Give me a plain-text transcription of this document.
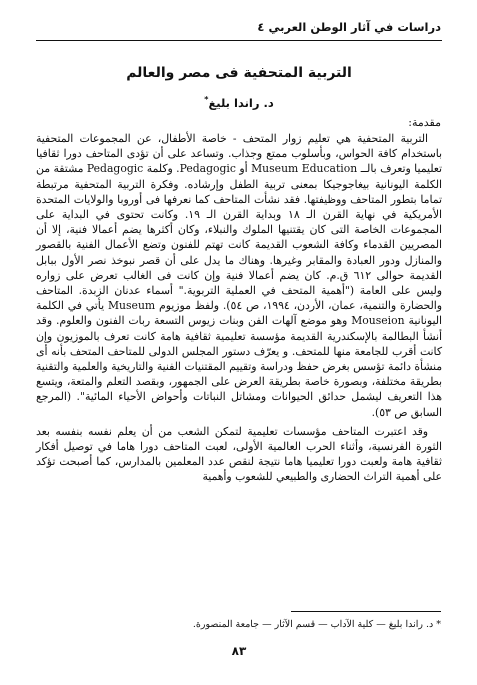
دراسات في آثار الوطن العربي ٤
التربية المتحفية فى مصر والعالم

د. راندا بليغ*

مقدمة:

التربية المتحفية هي تعليم زوار المتحف - خاصة الأطفال، عن المجموعات المتحفية باستخدام كافة الحواس، وبأسلوب ممتع وجذاب. وتساعد على أن تؤدى المتاحف دورا ثقافيا تعليميا وتعرف بالــ Museum Education أو Pedagogic. وكلمة Pedagogic مشتقة من الكلمة اليونانية بيغاجوجيكا بمعنى تربية الطفل وإرشاده. وفكرة التربية المتحفية مرتبطة تماما بتطور المتاحف ووظيفتها. فقد نشأت المتاحف كما نعرفها فى أوروبا والولايات المتحدة الأمريكية في نهاية القرن الـ ١٨ وبداية القرن الـ ١٩. وكانت تحتوى في البداية على المجموعات الخاصة التى كان يقتنيها الملوك والنبلاء، وكان أكثرها يضم أعمالا فنية، إلا أن المصريين القدماء وكافة الشعوب القديمة كانت تهتم للفنون وتضع الأعمال الفنية بالقصور والمنازل ودور العبادة والمقابر وغيرها. وهناك ما يدل على أن قصر نبوخذ نصر الأول ببابل القديمة حوالى ٦١٢ ق.م. كان يضم أعمالا فنية وإن كانت فى الغالب تعرض على زواره وليس على العامة ("أهمية المتحف في العملية التربوية." أسماء عدنان الزبدة. المتاحف والحضارة والتنمية، عمان، الأردن، ١٩٩٤، ص ٥٤). ولفظ موزيوم Museum يأتي في الكلمة اليونانية Mouseion وهو موضع آلهات الفن وبنات زيوس التسعة ربات الفنون والعلوم. وقد أنشأ البطالمة بالإسكندرية القديمة مؤسسة تعليمية ثقافية هامة كانت تعرف بالموزيون وإن كانت أقرب للجامعة منها للمتحف. و يعرّف دستور المجلس الدولى للمتاحف المتحف بأنه أى منشأة دائمة تؤسس بغرض حفظ ودراسة وتقييم المقتنيات الفنية والتاريخية والعلمية والتقنية بطريقة مختلفة، وبصورة خاصة بطريقة العرض على الجمهور، وبقصد التعلم والمتعة، ويتسع هذا التعريف ليشمل حدائق الحيوانات ومشاتل النباتات وأحواض الأحياء المائية". (المرجع السابق ص ٥٣).

وقد اعتبرت المتاحف مؤسسات تعليمية لتمكن الشعب من أن يعلم نفسه بنفسه بعد الثورة الفرنسية، وأثناء الحرب العالمية الأولى، لعبت المتاحف دورا هاما في توصيل أفكار ثقافية هامة ولعبت دورا تعليميا هاما نتيجة لنقص عدد المعلمين بالمدارس، كما أصبحت تؤكد على أهمية التراث الحضارى والطبيعي للشعوب وأهمية

* د. راندا بليغ — كلية الآداب — قسم الآثار — جامعة المنصورة.

٨٣
